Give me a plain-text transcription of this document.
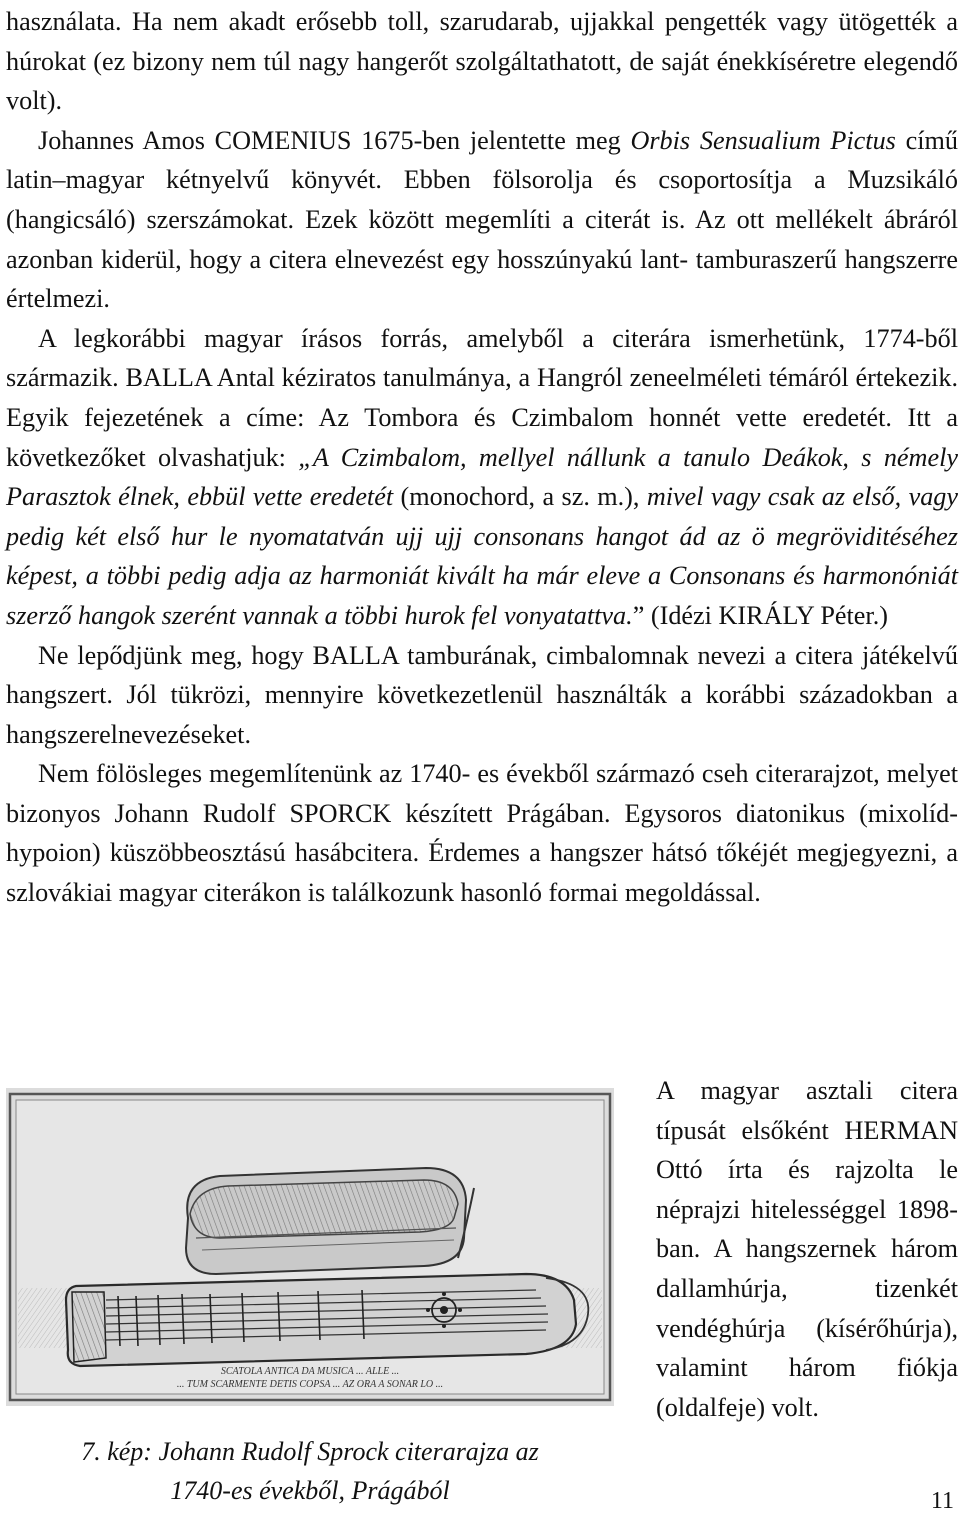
használata. Ha nem akadt erősebb toll, szarudarab, ujjakkal pengették vagy ütögették a húrokat (ez bizony nem túl nagy hangerőt szolgáltathatott, de saját énekkíséretre elegendő volt).

Johannes Amos COMENIUS 1675-ben jelentette meg Orbis Sensualium Pictus című latin–magyar kétnyelvű könyvét. Ebben fölsorolja és csoportosítja a Muzsikáló (hangicsáló) szerszámokat. Ezek között megemlíti a citerát is. Az ott mellékelt ábráról azonban kiderül, hogy a citera elnevezést egy hosszúnyakú lant- tamburaszerű hangszerre értelmezi.

A legkorábbi magyar írásos forrás, amelyből a citerára ismerhetünk, 1774-ből származik. BALLA Antal kéziratos tanulmánya, a Hangról zeneelméleti témáról értekezik. Egyik fejezetének a címe: Az Tombora és Czimbalom honnét vette eredetét. Itt a következőket olvashatjuk: „A Czimbalom, mellyel nállunk a tanulo Deákok, s némely Parasztok élnek, ebbül vette eredetét (monochord, a sz. m.), mivel vagy csak az első, vagy pedig két első hur le nyomatatván ujj ujj consonans hangot ád az ö megröviditéséhez képest, a többi pedig adja az harmoniát kivált ha már eleve a Consonans és harmonóniát szerző hangok szerént vannak a többi hurok fel vonyatattva.” (Idézi KIRÁLY Péter.)

Ne lepődjünk meg, hogy BALLA tamburának, cimbalomnak nevezi a citera játékelvű hangszert. Jól tükrözi, mennyire következetlenül használták a korábbi századokban a hangszerelnevezéseket.

Nem fölösleges megemlítenünk az 1740- es évekből származó cseh citerarajzot, melyet bizonyos Johann Rudolf SPORCK készített Prágában. Egysoros diatonikus (mixolíd-hypoion) küszöbbeosztású hasábcitera. Érdemes a hangszer hátsó tőkéjét megjegyezni, a szlovákiai magyar citerákon is találkozunk hasonló formai megoldással.

SCATOLA ANTICA DA MUSICA ... ALLE ...
... TUM SCARMENTE DETIS COPSA ... AZ ORA A SONAR LO ...
7. kép: Johann Rudolf Sprock citerarajza az
1740-es évekből, Prágából

A magyar asztali citera típusát elsőként HERMAN Ottó írta és rajzolta le néprajzi hitelességgel 1898-ban. A hangszernek három dallamhúrja, tizenkét vendéghúrja (kísérőhúrja), valamint három fiókja (oldalfeje) volt.

11
